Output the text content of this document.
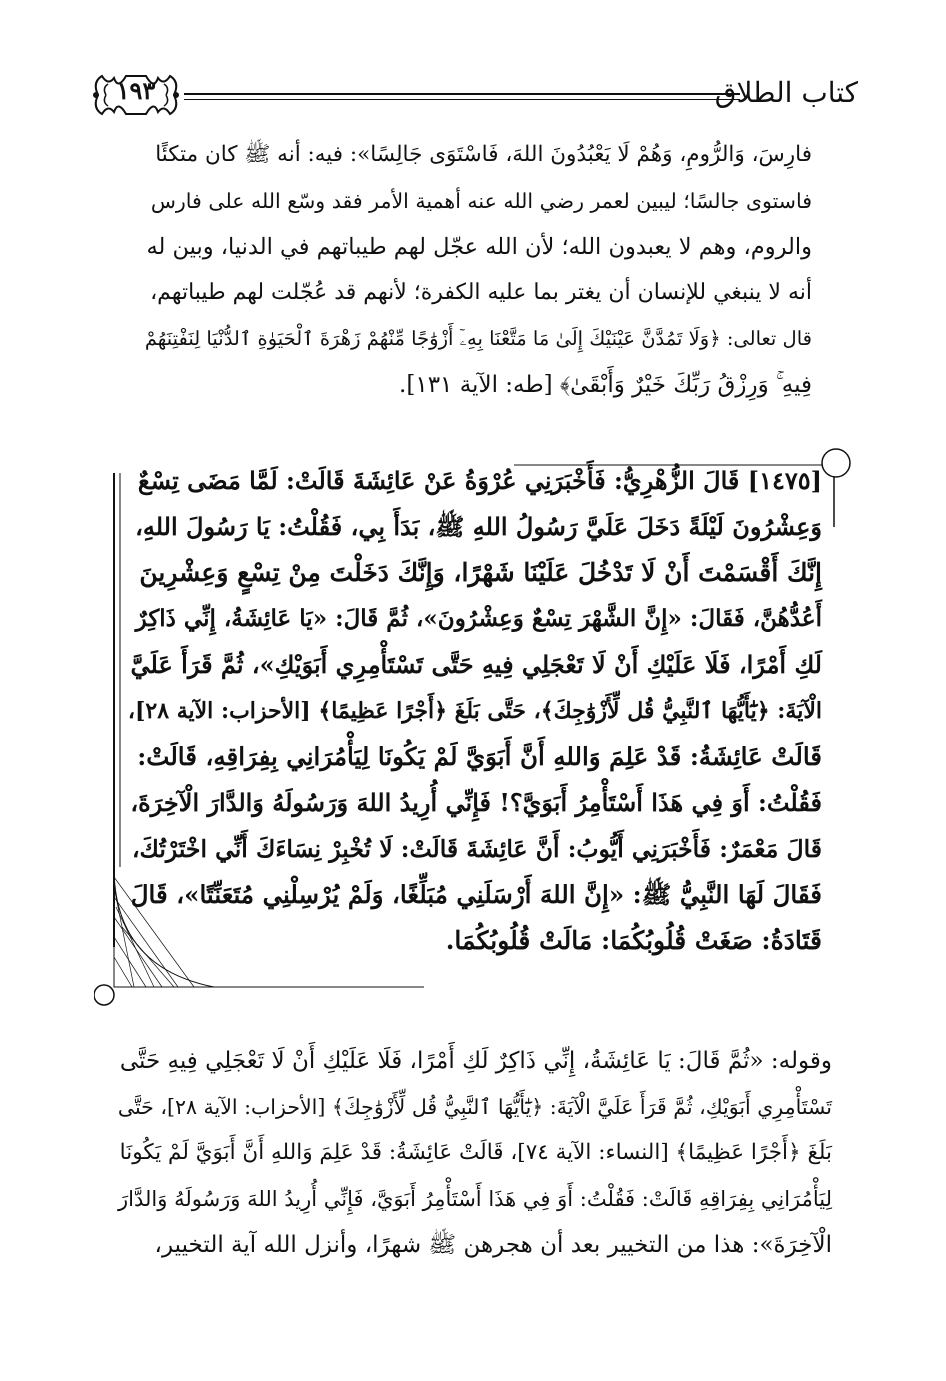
١٩٣	كتاب الطلاق
فارِسَ، وَالرُّومِ، وَهُمْ لَا يَعْبُدُونَ اللهَ، فَاسْتَوَى جَالِسًا»: فيه: أنه ﷺ كان متكئًا
فاستوى جالسًا؛ ليبين لعمر رضي الله عنه أهمية الأمر فقد وسّع الله على فارس
والروم، وهم لا يعبدون الله؛ لأن الله عجّل لهم طيباتهم في الدنيا، وبين له
أنه لا ينبغي للإنسان أن يغتر بما عليه الكفرة؛ لأنهم قد عُجّلت لهم طيباتهم،
قال تعالى: ﴿وَلَا تَمُدَّنَّ عَيْنَيْكَ إِلَىٰ مَا مَتَّعْنَا بِهِۦٓ أَزْوَٰجًا مِّنْهُمْ زَهْرَةَ ٱلْحَيَوٰةِ ٱلدُّنْيَا لِنَفْتِنَهُمْ
فِيهِ ۚ وَرِزْقُ رَبِّكَ خَيْرٌ وَأَبْقَىٰ﴾ [طه: الآية ١٣١].
[١٤٧٥] قَالَ الزُّهْرِيُّ: فَأَخْبَرَنِي عُرْوَةُ عَنْ عَائِشَةَ قَالَتْ: لَمَّا مَضَى تِسْعٌ
وَعِشْرُونَ لَيْلَةً دَخَلَ عَلَيَّ رَسُولُ اللهِ ﷺ، بَدَأَ بِي، فَقُلْتُ: يَا رَسُولَ اللهِ،
إِنَّكَ أَقْسَمْتَ أَنْ لَا تَدْخُلَ عَلَيْنَا شَهْرًا، وَإِنَّكَ دَخَلْتَ مِنْ تِسْعٍ وَعِشْرِينَ
أَعُدُّهُنَّ، فَقَالَ: «إِنَّ الشَّهْرَ تِسْعٌ وَعِشْرُونَ»، ثُمَّ قَالَ: «يَا عَائِشَةُ، إِنِّي ذَاكِرٌ
لَكِ أَمْرًا، فَلَا عَلَيْكِ أَنْ لَا تَعْجَلِي فِيهِ حَتَّى تَسْتَأْمِرِي أَبَوَيْكِ»، ثُمَّ قَرَأَ عَلَيَّ
الْآيَةَ: ﴿يَٰٓأَيُّهَا ٱلنَّبِيُّ قُل لِّأَزْوَٰجِكَ﴾، حَتَّى بَلَغَ ﴿أَجْرًا عَظِيمًا﴾ [الأحزاب: الآية ٢٨]،
قَالَتْ عَائِشَةُ: قَدْ عَلِمَ وَاللهِ أَنَّ أَبَوَيَّ لَمْ يَكُونَا لِيَأْمُرَانِي بِفِرَاقِهِ، قَالَتْ:
فَقُلْتُ: أَوَ فِي هَذَا أَسْتَأْمِرُ أَبَوَيَّ؟! فَإِنِّي أُرِيدُ اللهَ وَرَسُولَهُ وَالدَّارَ الْآخِرَةَ،
قَالَ مَعْمَرٌ: فَأَخْبَرَنِي أَيُّوبُ: أَنَّ عَائِشَةَ قَالَتْ: لَا تُخْبِرْ نِسَاءَكَ أَنِّي اخْتَرْتُكَ،
فَقَالَ لَهَا النَّبِيُّ ﷺ: «إِنَّ اللهَ أَرْسَلَنِي مُبَلِّغًا، وَلَمْ يُرْسِلْنِي مُتَعَنِّتًا»، قَالَ
قَتَادَةُ: صَغَتْ قُلُوبُكُمَا: مَالَتْ قُلُوبُكُمَا.
وقوله: «ثُمَّ قَالَ: يَا عَائِشَةُ، إِنِّي ذَاكِرٌ لَكِ أَمْرًا، فَلَا عَلَيْكِ أَنْ لَا تَعْجَلِي فِيهِ حَتَّى
تَسْتَأْمِرِي أَبَوَيْكِ، ثُمَّ قَرَأَ عَلَيَّ الْآيَةَ: ﴿يَٰٓأَيُّهَا ٱلنَّبِيُّ قُل لِّأَزْوَٰجِكَ﴾ [الأحزاب: الآية ٢٨]، حَتَّى
بَلَغَ ﴿أَجْرًا عَظِيمًا﴾ [النساء: الآية ٧٤]، قَالَتْ عَائِشَةُ: قَدْ عَلِمَ وَاللهِ أَنَّ أَبَوَيَّ لَمْ يَكُونَا
لِيَأْمُرَانِي بِفِرَاقِهِ قَالَتْ: فَقُلْتُ: أَوَ فِي هَذَا أَسْتَأْمِرُ أَبَوَيَّ، فَإِنِّي أُرِيدُ اللهَ وَرَسُولَهُ وَالدَّارَ
الْآخِرَةَ»: هذا من التخيير بعد أن هجرهن ﷺ شهرًا، وأنزل الله آية التخيير،
